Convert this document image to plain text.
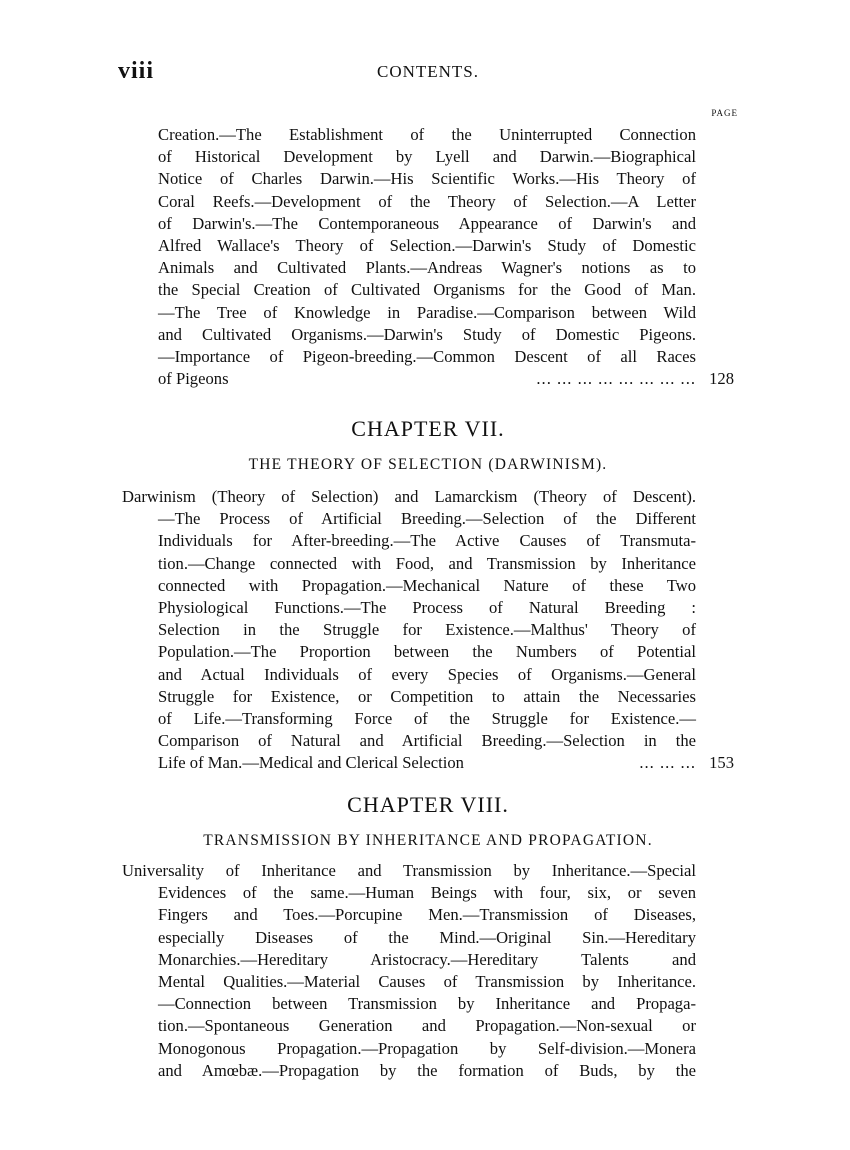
viii	CONTENTS.
PAGE
Creation.—The Establishment of the Uninterrupted Connection
of Historical Development by Lyell and Darwin.—Biographical
Notice of Charles Darwin.—His Scientific Works.—His Theory of
Coral Reefs.—Development of the Theory of Selection.—A Letter
of Darwin's.—The Contemporaneous Appearance of Darwin's and
Alfred Wallace's Theory of Selection.—Darwin's Study of Domestic
Animals and Cultivated Plants.—Andreas Wagner's notions as to
the Special Creation of Cultivated Organisms for the Good of Man.
—The Tree of Knowledge in Paradise.—Comparison between Wild
and Cultivated Organisms.—Darwin's Study of Domestic Pigeons.
—Importance of Pigeon-breeding.—Common Descent of all Races
of Pigeons	... ... ... ... ... ... ... ... 128
CHAPTER VII.
THE THEORY OF SELECTION (DARWINISM).
Darwinism (Theory of Selection) and Lamarckism (Theory of Descent).
—The Process of Artificial Breeding.—Selection of the Different
Individuals for After-breeding.—The Active Causes of Transmuta-
tion.—Change connected with Food, and Transmission by Inheritance
connected with Propagation.—Mechanical Nature of these Two
Physiological Functions.—The Process of Natural Breeding :
Selection in the Struggle for Existence.—Malthus' Theory of
Population.—The Proportion between the Numbers of Potential
and Actual Individuals of every Species of Organisms.—General
Struggle for Existence, or Competition to attain the Necessaries
of Life.—Transforming Force of the Struggle for Existence.—
Comparison of Natural and Artificial Breeding.—Selection in the
Life of Man.—Medical and Clerical Selection	... ... ... 153
CHAPTER VIII.
TRANSMISSION BY INHERITANCE AND PROPAGATION.
Universality of Inheritance and Transmission by Inheritance.—Special
Evidences of the same.—Human Beings with four, six, or seven
Fingers and Toes.—Porcupine Men.—Transmission of Diseases,
especially Diseases of the Mind.—Original Sin.—Hereditary
Monarchies.—Hereditary Aristocracy.—Hereditary Talents and
Mental Qualities.—Material Causes of Transmission by Inheritance.
—Connection between Transmission by Inheritance and Propaga-
tion.—Spontaneous Generation and Propagation.—Non-sexual or
Monogonous Propagation.—Propagation by Self-division.—Monera
and Amœbæ.—Propagation by the formation of Buds, by the
